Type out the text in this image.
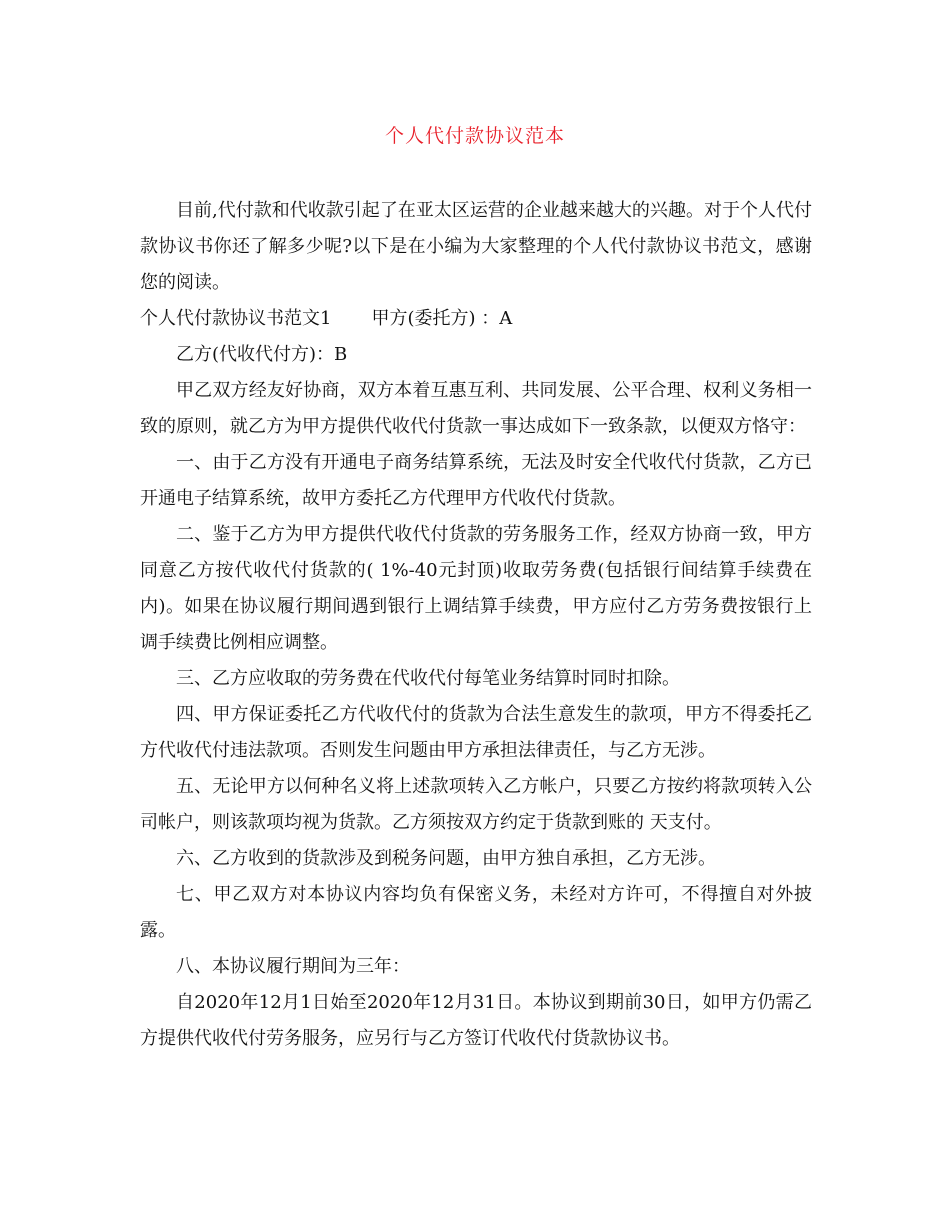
个人代付款协议范本

目前,代付款和代收款引起了在亚太区运营的企业越来越大的兴趣。对于个人代付款协议书你还了解多少呢?以下是在小编为大家整理的个人代付款协议书范文，感谢您的阅读。

个人代付款协议书范文1 甲方(委托方) ：A

乙方(代收代付方)：B

甲乙双方经友好协商，双方本着互惠互利、共同发展、公平合理、权利义务相一致的原则，就乙方为甲方提供代收代付货款一事达成如下一致条款，以便双方恪守：

一、由于乙方没有开通电子商务结算系统，无法及时安全代收代付货款，乙方已开通电子结算系统，故甲方委托乙方代理甲方代收代付货款。

二、鉴于乙方为甲方提供代收代付货款的劳务服务工作，经双方协商一致，甲方同意乙方按代收代付货款的( 1%-40元封顶)收取劳务费(包括银行间结算手续费在内)。如果在协议履行期间遇到银行上调结算手续费，甲方应付乙方劳务费按银行上调手续费比例相应调整。

三、乙方应收取的劳务费在代收代付每笔业务结算时同时扣除。

四、甲方保证委托乙方代收代付的货款为合法生意发生的款项，甲方不得委托乙方代收代付违法款项。否则发生问题由甲方承担法律责任，与乙方无涉。

五、无论甲方以何种名义将上述款项转入乙方帐户，只要乙方按约将款项转入公司帐户，则该款项均视为货款。乙方须按双方约定于货款到账的 天支付。

六、乙方收到的货款涉及到税务问题，由甲方独自承担，乙方无涉。

七、甲乙双方对本协议内容均负有保密义务，未经对方许可，不得擅自对外披露。

八、本协议履行期间为三年：

自2020年12月1日始至2020年12月31日。本协议到期前30日，如甲方仍需乙方提供代收代付劳务服务，应另行与乙方签订代收代付货款协议书。
